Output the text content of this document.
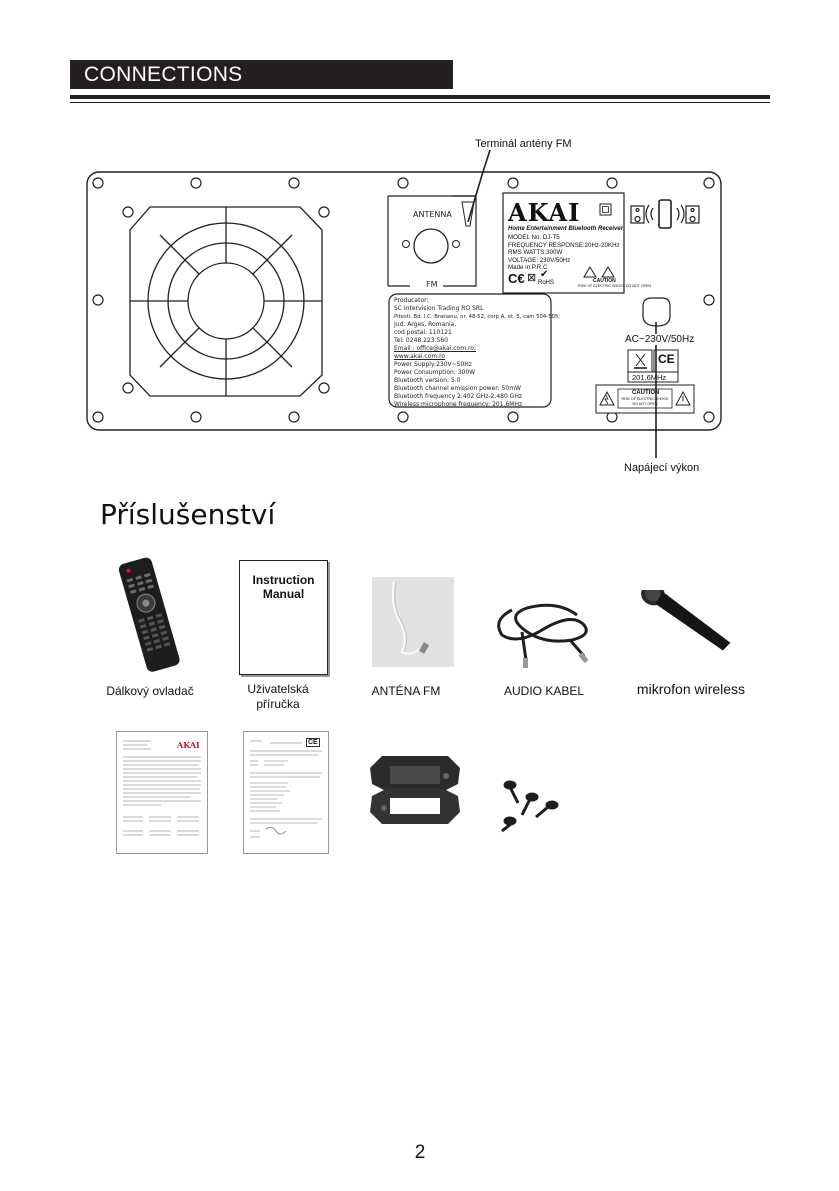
CONNECTIONS
Terminál antény FM
ANTENNA
FM
AKAI
Home Entertainment Bluetooth Receiver
MODEL No: DJ-T5
FREQUENCY RESPONSE:20Hz-20KHz
RMS WATTS:300W
VOLTAGE: 230V/50Hz
Made in P.R.C
C€ ⊠ ✔
RoHS	CAUTION
RISK OF ELECTRIC SHOCK DO NOT OPEN
Producator:
SC Intervision Trading RO SRL
Pitesti, Bd. I.C. Bratianu, nr. 48-52, corp A, et. 5, cam 504-505,
Jud. Arges, Romania,
cod postal: 110121
Tel: 0248.223.560
Email : office@akai.com.ro;
www.akai.com.ro
Power Supply:230V~50Hz
Power Consumption: 300W
Bluetooth version: 5.0
Bluetooth channel emission power: 50mW
Bluetooth frequency 2.402 GHz-2.480 GHz
Wireless microphone frequency: 201.6MHz
AC~230V/50Hz
CE
201.6MHz
CAUTION
RISK OF ELECTRIC SHOCK DO NOT OPEN
Napájecí výkon
Příslušenství
Instruction
Manual
Dálkový ovladač	Uživatelská
příručka
ANTÉNA FM	AUDIO KABEL	mikrofon wireless
AKAI	CE
2
